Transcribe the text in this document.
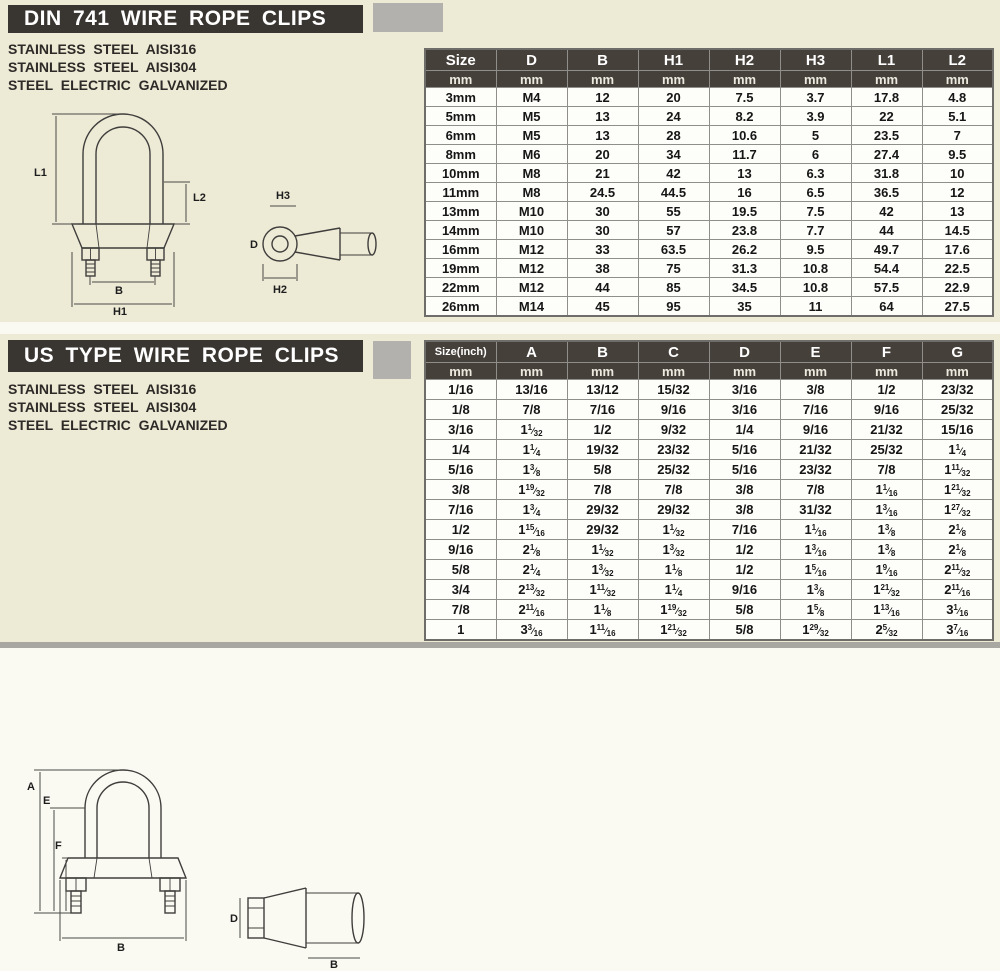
DIN 741 WIRE ROPE CLIPS
STAINLESS STEEL AISI316
STAINLESS STEEL AISI304
STEEL ELECTRIC GALVANIZED
L1
L2
B
H1
H3
D
H2
Size	D	B	H1	H2	H3	L1	L2
mm	mm	mm	mm	mm	mm	mm	mm
3mm	M4	12	20	7.5	3.7	17.8	4.8
5mm	M5	13	24	8.2	3.9	22	5.1
6mm	M5	13	28	10.6	5	23.5	7
8mm	M6	20	34	11.7	6	27.4	9.5
10mm	M8	21	42	13	6.3	31.8	10
11mm	M8	24.5	44.5	16	6.5	36.5	12
13mm	M10	30	55	19.5	7.5	42	13
14mm	M10	30	57	23.8	7.7	44	14.5
16mm	M12	33	63.5	26.2	9.5	49.7	17.6
19mm	M12	38	75	31.3	10.8	54.4	22.5
22mm	M12	44	85	34.5	10.8	57.5	22.9
26mm	M14	45	95	35	11	64	27.5
US TYPE WIRE ROPE CLIPS
STAINLESS STEEL AISI316
STAINLESS STEEL AISI304
STEEL ELECTRIC GALVANIZED
A
E
F
B
D
B
Size(inch)	A	B	C	D	E	F	G
mm	mm	mm	mm	mm	mm	mm	mm
1/16	13/16	13/12	15/32	3/16	3/8	1/2	23/32
1/8	7/8	7/16	9/16	3/16	7/16	9/16	25/32
3/16	$1^1⁄_{32}$	1/2	9/32	1/4	9/16	21/32	15/16
1/4	$1^1⁄_4$	19/32	23/32	5/16	21/32	25/32	$1^1⁄_4$
5/16	$1^3⁄_8$	5/8	25/32	5/16	23/32	7/8	$1^{11}⁄_{32}$
3/8	$1^{19}⁄_{32}$	7/8	7/8	3/8	7/8	$1^1⁄_{16}$	$1^{21}⁄_{32}$
7/16	$1^3⁄_4$	29/32	29/32	3/8	31/32	$1^3⁄_{16}$	$1^{27}⁄_{32}$
1/2	$1^{15}⁄_{16}$	29/32	$1^1⁄_{32}$	7/16	$1^1⁄_{16}$	$1^3⁄_8$	$2^1⁄_8$
9/16	$2^1⁄_8$	$1^1⁄_{32}$	$1^3⁄_{32}$	1/2	$1^3⁄_{16}$	$1^3⁄_8$	$2^1⁄_8$
5/8	$2^1⁄_4$	$1^3⁄_{32}$	$1^1⁄_8$	1/2	$1^5⁄_{16}$	$1^9⁄_{16}$	$2^{11}⁄_{32}$
3/4	$2^{13}⁄_{32}$	$1^{11}⁄_{32}$	$1^1⁄_4$	9/16	$1^3⁄_8$	$1^{21}⁄_{32}$	$2^{11}⁄_{16}$
7/8	$2^{11}⁄_{16}$	$1^1⁄_8$	$1^{19}⁄_{32}$	5/8	$1^5⁄_8$	$1^{13}⁄_{16}$	$3^1⁄_{16}$
1	$3^3⁄_{16}$	$1^{11}⁄_{16}$	$1^{21}⁄_{32}$	5/8	$1^{29}⁄_{32}$	$2^5⁄_{32}$	$3^7⁄_{16}$
